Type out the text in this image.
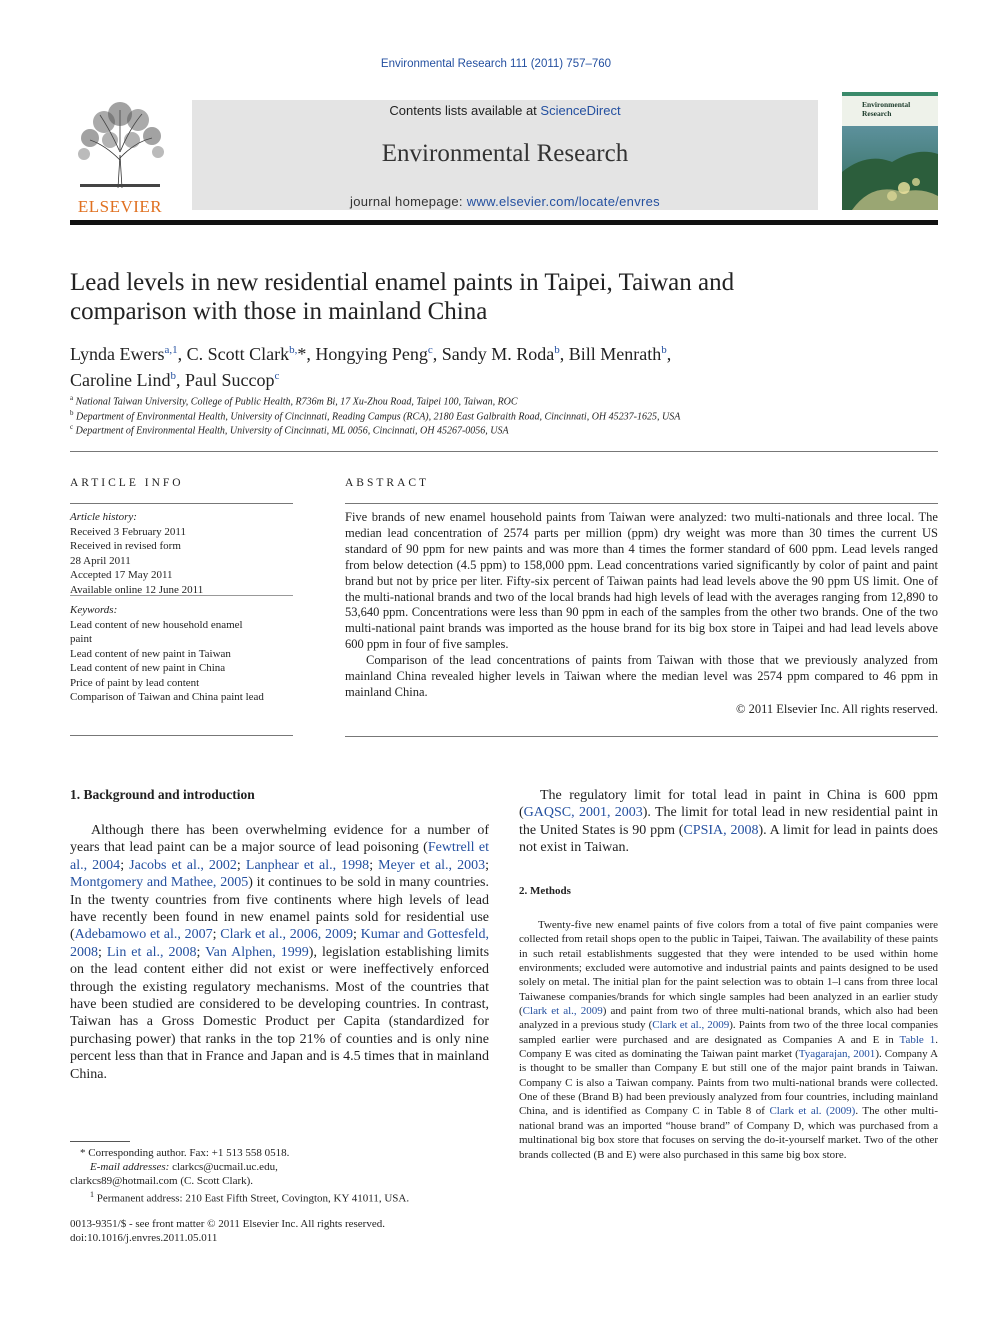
Environmental Research 111 (2011) 757–760
ELSEVIER
Contents lists available at ScienceDirect
Environmental Research
journal homepage: www.elsevier.com/locate/envres
Environmental Research
Lead levels in new residential enamel paints in Taipei, Taiwan and
comparison with those in mainland China
Lynda Ewers$^{a,1}$, C. Scott Clark$^{b,}$*, Hongying Peng$^c$, Sandy M. Roda$^b$, Bill Menrath$^b$,
Caroline Lind$^b$, Paul Succop$^c$
$^a$ National Taiwan University, College of Public Health, R736m Bi, 17 Xu-Zhou Road, Taipei 100, Taiwan, ROC
$^b$ Department of Environmental Health, University of Cincinnati, Reading Campus (RCA), 2180 East Galbraith Road, Cincinnati, OH 45237-1625, USA
$^c$ Department of Environmental Health, University of Cincinnati, ML 0056, Cincinnati, OH 45267-0056, USA
ARTICLE INFO
Article history:
Received 3 February 2011
Received in revised form
28 April 2011
Accepted 17 May 2011
Available online 12 June 2011
Keywords:
Lead content of new household enamel
paint
Lead content of new paint in Taiwan
Lead content of new paint in China
Price of paint by lead content
Comparison of Taiwan and China paint lead
ABSTRACT

Five brands of new enamel household paints from Taiwan were analyzed: two multi-nationals and three local. The median lead concentration of 2574 parts per million (ppm) dry weight was more than 30 times the current US standard of 90 ppm for new paints and was more than 4 times the former standard of 600 ppm. Lead levels ranged from below detection (4.5 ppm) to 158,000 ppm. Lead concentrations varied significantly by color of paint and paint brand but not by price per liter. Fifty-six percent of Taiwan paints had lead levels above the 90 ppm US limit. One of the multi-national brands and two of the local brands had high levels of lead with the averages ranging from 12,890 to 53,640 ppm. Concentrations were less than 90 ppm in each of the samples from the other two brands. One of the two multi-national paint brands was imported as the house brand for its big box store in Taipei and had lead levels above 600 ppm in four of five samples.

Comparison of the lead concentrations of paints from Taiwan with those that we previously analyzed from mainland China revealed higher levels in Taiwan where the median level was 2574 ppm compared to 46 ppm in mainland China.

© 2011 Elsevier Inc. All rights reserved.
1. Background and introduction

Although there has been overwhelming evidence for a number of years that lead paint can be a major source of lead poisoning (Fewtrell et al., 2004; Jacobs et al., 2002; Lanphear et al., 1998; Meyer et al., 2003; Montgomery and Mathee, 2005) it continues to be sold in many countries. In the twenty countries from five continents where high levels of lead have recently been found in new enamel paints sold for residential use (Adebamowo et al., 2007; Clark et al., 2006, 2009; Kumar and Gottesfeld, 2008; Lin et al., 2008; Van Alphen, 1999), legislation establishing limits on the lead content either did not exist or were ineffectively enforced through the existing regulatory mechanisms. Most of the countries that have been studied are considered to be developing countries. In contrast, Taiwan has a Gross Domestic Product per Capita (standardized for purchasing power) that ranks in the top 21% of counties and is only nine percent less than that in France and Japan and is 4.5 times that in mainland China.

The regulatory limit for total lead in paint in China is 600 ppm (GAQSC, 2001, 2003). The limit for total lead in new residential paint in the United States is 90 ppm (CPSIA, 2008). A limit for lead in paints does not exist in Taiwan.

2. Methods

Twenty-five new enamel paints of five colors from a total of five paint companies were collected from retail shops open to the public in Taipei, Taiwan. The availability of these paints in such retail establishments suggested that they were intended to be used within home environments; excluded were automotive and industrial paints and paints designed to be used solely on metal. The initial plan for the paint selection was to obtain 1–l cans from three local Taiwanese companies/brands for which single samples had been analyzed in an earlier study (Clark et al., 2009) and paint from two of three multi-national brands, which also had been analyzed in a previous study (Clark et al., 2009). Paints from two of the three local companies sampled earlier were purchased and are designated as Companies A and E in Table 1. Company E was cited as dominating the Taiwan paint market (Tyagarajan, 2001). Company A is thought to be smaller than Company E but still one of the major paint brands in Taiwan. Company C is also a Taiwan company. Paints from two multi-national brands were collected. One of these (Brand B) had been previously analyzed from four countries, including mainland China, and is identified as Company C in Table 8 of Clark et al. (2009). The other multi-national brand was an imported “house brand” of Company D, which was purchased from a multinational big box store that focuses on serving the do-it-yourself market. Two of the other brands collected (B and E) were also purchased in this same big box store.

* Corresponding author. Fax: +1 513 558 0518.
E-mail addresses: clarkcs@ucmail.uc.edu,
clarkcs89@hotmail.com (C. Scott Clark).
$^1$ Permanent address: 210 East Fifth Street, Covington, KY 41011, USA.
0013-9351/$ - see front matter © 2011 Elsevier Inc. All rights reserved.
doi:10.1016/j.envres.2011.05.011
